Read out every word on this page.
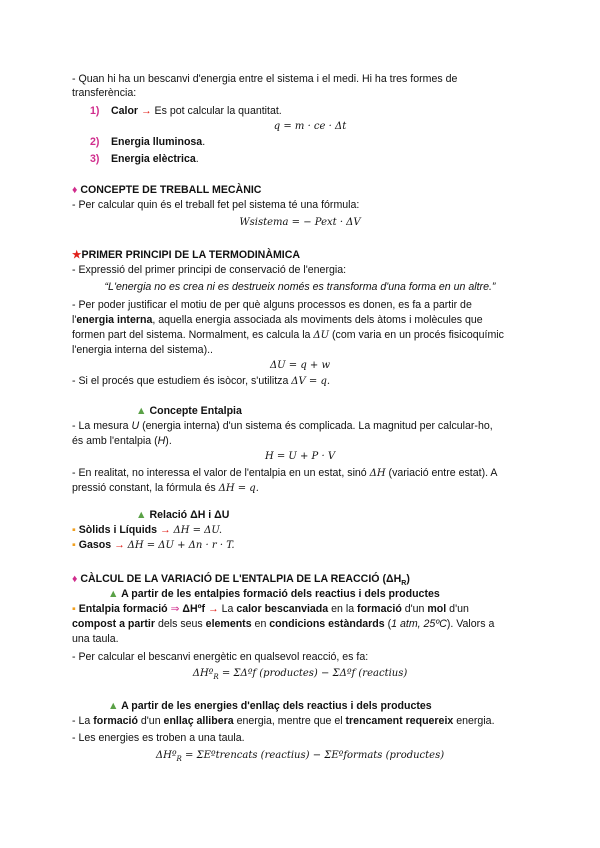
- Quan hi ha un bescanvi d'energia entre el sistema i el medi. Hi ha tres formes de
transferència:
1) Calor → Es pot calcular la quantitat.
q = m · ce · Δt
2) Energia lluminosa.
3) Energia elèctrica.
♦ CONCEPTE DE TREBALL MECÀNIC
- Per calcular quin és el treball fet pel sistema té una fórmula:
Wsistema = − Pext · ΔV
★PRIMER PRINCIPI DE LA TERMODINÀMICA
- Expressió del primer principi de conservació de l'energia:
“L'energia no es crea ni es destrueix només es transforma d'una forma en un altre.”
- Per poder justificar el motiu de per què alguns processos es donen, es fa a partir de
l'energia interna, aquella energia associada als moviments dels àtoms i molècules que
formen part del sistema. Normalment, es calcula la ΔU (com varia en un procés fisicoquímic
l'energia interna del sistema)..
ΔU = q + w
- Si el procés que estudiem és isòcor, s'utilitza ΔV = q.
▲ Concepte Entalpia
- La mesura U (energia interna) d'un sistema és complicada. La magnitud per calcular-ho,
és amb l'entalpia (H).
H = U + P · V
- En realitat, no interessa el valor de l'entalpia en un estat, sinó ΔH (variació entre estat). A
pressió constant, la fórmula és ΔH = q.
▲ Relació ΔH i ΔU
▪ Sòlids i Líquids → ΔH = ΔU.
▪ Gasos → ΔH = ΔU + Δn · r · T.
♦ CÀLCUL DE LA VARIACIÓ DE L'ENTALPIA DE LA REACCIÓ $(\Delta H_R)$
▲ A partir de les entalpies formació dels reactius i dels productes
▪ Entalpia formació ⇒ ΔHºf → La calor bescanviada en la formació d'un mol d'un
compost a partir dels seus elements en condicions estàndards (1 atm, 25ºC). Valors a
una taula.
- Per calcular el bescanvi energètic en qualsevol reacció, es fa:
ΔHº$_R$ = ΣΔºf (productes) − ΣΔºf (reactius)
▲ A partir de les energies d'enllaç dels reactius i dels productes
- La formació d'un enllaç allibera energia, mentre que el trencament requereix energia.
- Les energies es troben a una taula.
ΔHº$_R$ = ΣEºtrencats (reactius) − ΣEºformats (productes)
